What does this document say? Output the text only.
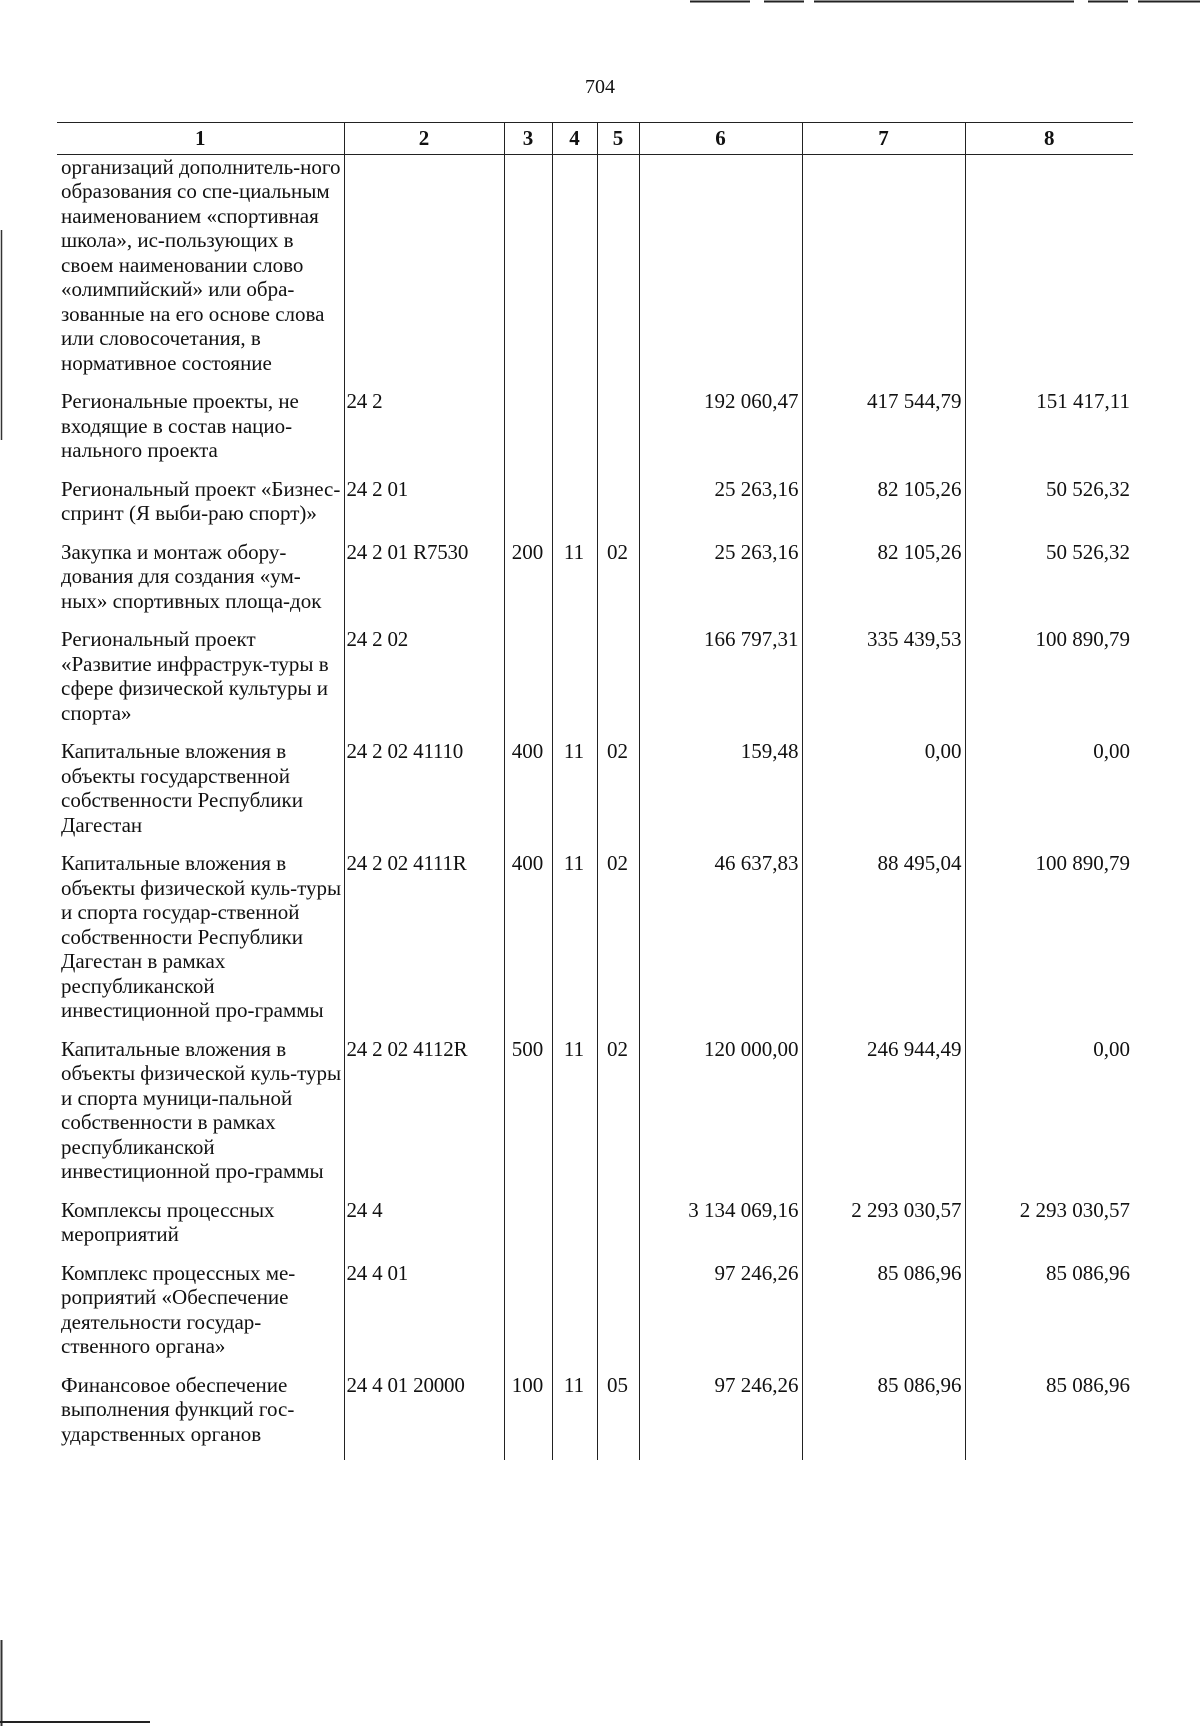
704
1	2	3	4	5	6	7	8
организаций дополнитель-ного образования со спе-циальным наименованием «спортивная школа», ис-пользующих в своем наименовании слово «олимпийский» или обра-зованные на его основе слова или словосочетания, в нормативное состояние							
Региональные проекты, не входящие в состав нацио-нального проекта	24 2				192 060,47	417 544,79	151 417,11
Региональный проект «Бизнес-спринт (Я выби-раю спорт)»	24 2 01				25 263,16	82 105,26	50 526,32
Закупка и монтаж обору-дования для создания «ум-ных» спортивных площа-док	24 2 01 R7530	200	11	02	25 263,16	82 105,26	50 526,32
Региональный проект «Развитие инфраструк-туры в сфере физической культуры и спорта»	24 2 02				166 797,31	335 439,53	100 890,79
Капитальные вложения в объекты государственной собственности Республики Дагестан	24 2 02 41110	400	11	02	159,48	0,00	0,00
Капитальные вложения в объекты физической куль-туры и спорта государ-ственной собственности Республики Дагестан в рамках республиканской инвестиционной про-граммы	24 2 02 4111R	400	11	02	46 637,83	88 495,04	100 890,79
Капитальные вложения в объекты физической куль-туры и спорта муници-пальной собственности в рамках республиканской инвестиционной про-граммы	24 2 02 4112R	500	11	02	120 000,00	246 944,49	0,00
Комплексы процессных мероприятий	24 4				3 134 069,16	2 293 030,57	2 293 030,57
Комплекс процессных ме-роприятий «Обеспечение деятельности государ-ственного органа»	24 4 01				97 246,26	85 086,96	85 086,96
Финансовое обеспечение выполнения функций гос-ударственных органов	24 4 01 20000	100	11	05	97 246,26	85 086,96	85 086,96
